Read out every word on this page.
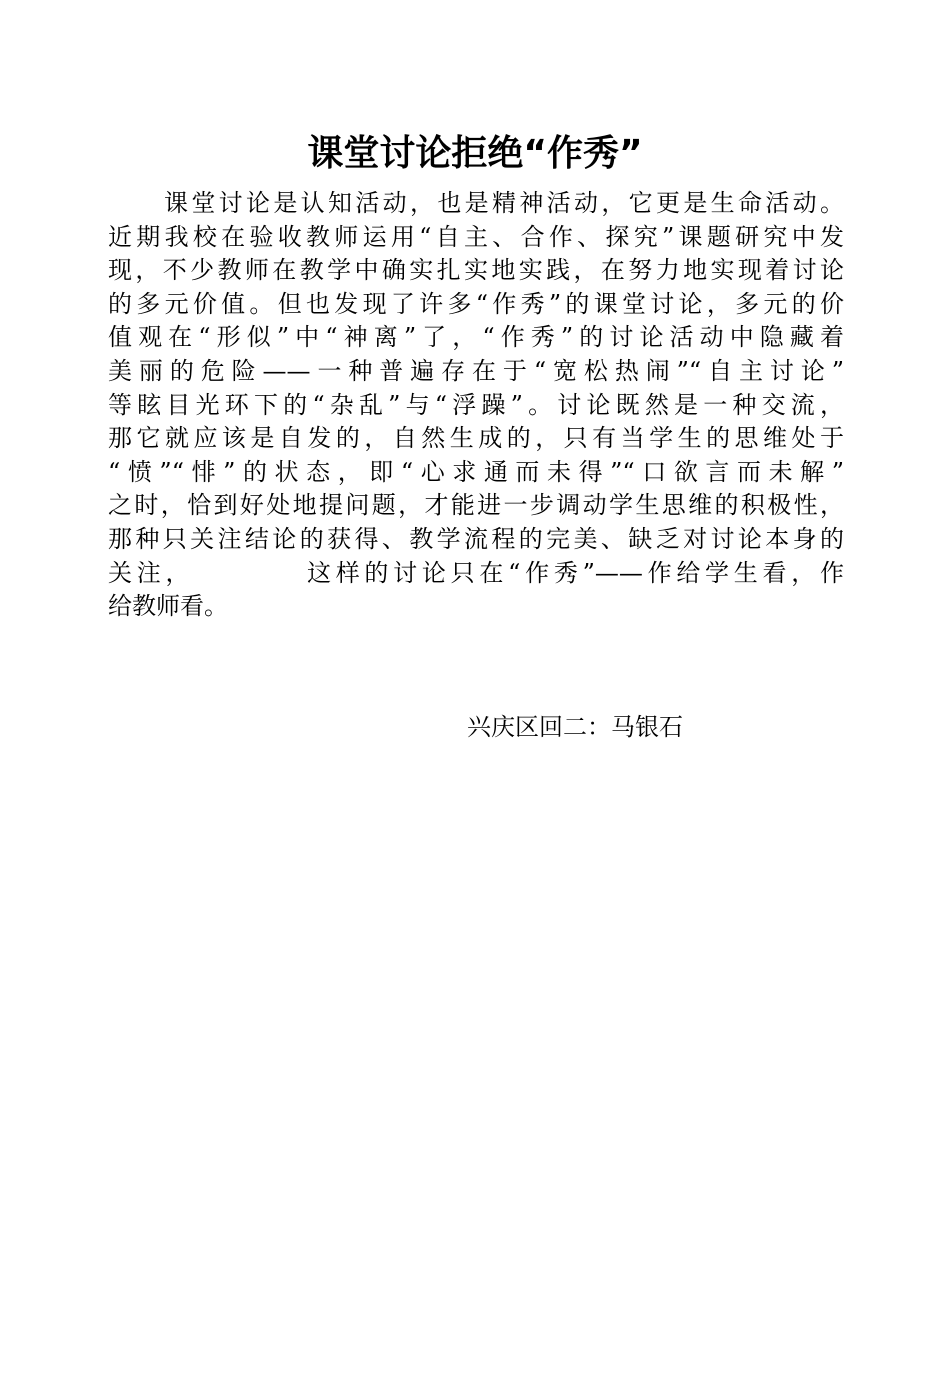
课堂讨论拒绝“作秀”
课堂讨论是认知活动，也是精神活动，它更是生命活动。
近期我校在验收教师运用“自主、合作、探究”课题研究中发
现，不少教师在教学中确实扎实地实践，在努力地实现着讨论
的多元价值。但也发现了许多“作秀”的课堂讨论，多元的价
值观在“形似”中“神离”了，“作秀”的讨论活动中隐藏着
美丽的危险——一种普遍存在于“宽松热闹”“自主讨论”
等眩目光环下的“杂乱”与“浮躁”。讨论既然是一种交流，
那它就应该是自发的，自然生成的，只有当学生的思维处于
“愤”“悱”的状态，即“心求通而未得”“口欲言而未解”
之时，恰到好处地提问题，才能进一步调动学生思维的积极性，
那种只关注结论的获得、教学流程的完美、缺乏对讨论本身的
关注，	这样的讨论只在“作秀”——作给学生看，作
给教师看。
兴庆区回二：马银石
